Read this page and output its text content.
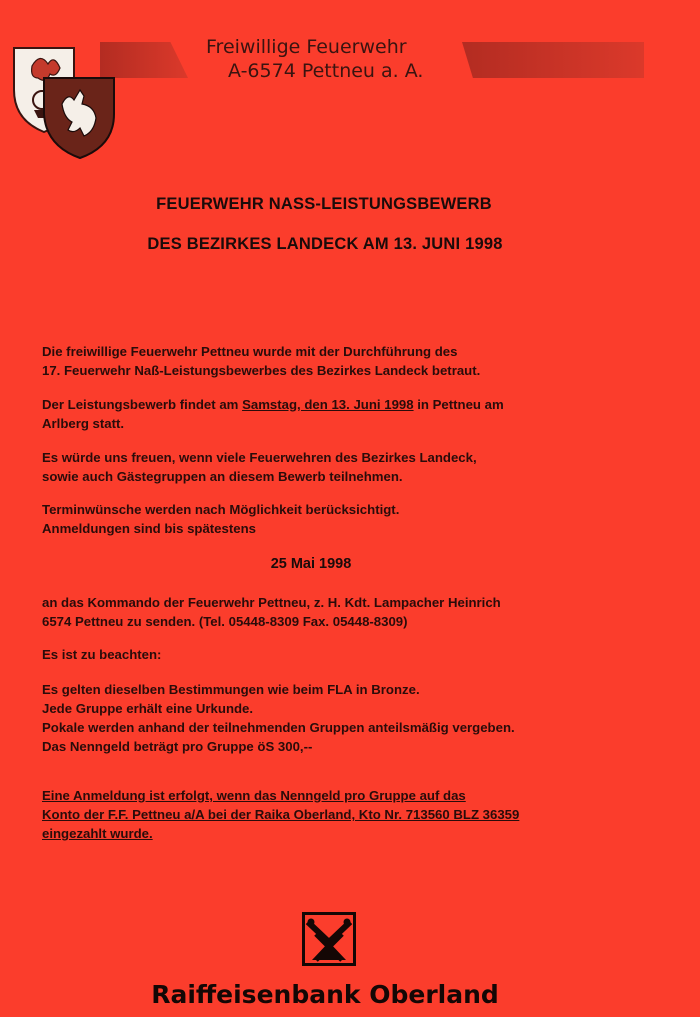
Freiwillige Feuerwehr
A-6574 Pettneu a. A.
FEUERWEHR NASS-LEISTUNGSBEWERB
DES BEZIRKES LANDECK AM 13. JUNI 1998
Die freiwillige Feuerwehr Pettneu wurde mit der Durchführung des
17. Feuerwehr Naß-Leistungsbewerbes des Bezirkes Landeck betraut.
Der Leistungsbewerb findet am Samstag, den 13. Juni 1998 in Pettneu am
Arlberg statt.
Es würde uns freuen, wenn viele Feuerwehren des Bezirkes Landeck,
sowie auch Gästegruppen an diesem Bewerb teilnehmen.
Terminwünsche werden nach Möglichkeit berücksichtigt.
Anmeldungen sind bis spätestens
25 Mai 1998
an das Kommando der Feuerwehr Pettneu, z. H. Kdt. Lampacher Heinrich
6574 Pettneu zu senden. (Tel. 05448-8309 Fax. 05448-8309)
Es ist zu beachten:
Es gelten dieselben Bestimmungen wie beim FLA in Bronze.
Jede Gruppe erhält eine Urkunde.
Pokale werden anhand der teilnehmenden Gruppen anteilsmäßig vergeben.
Das Nenngeld beträgt pro Gruppe öS 300,--
Eine Anmeldung ist erfolgt, wenn das Nenngeld pro Gruppe auf das
Konto der F.F. Pettneu a/A bei der Raika Oberland, Kto Nr. 713560 BLZ 36359
eingezahlt wurde.
Raiffeisenbank Oberland
